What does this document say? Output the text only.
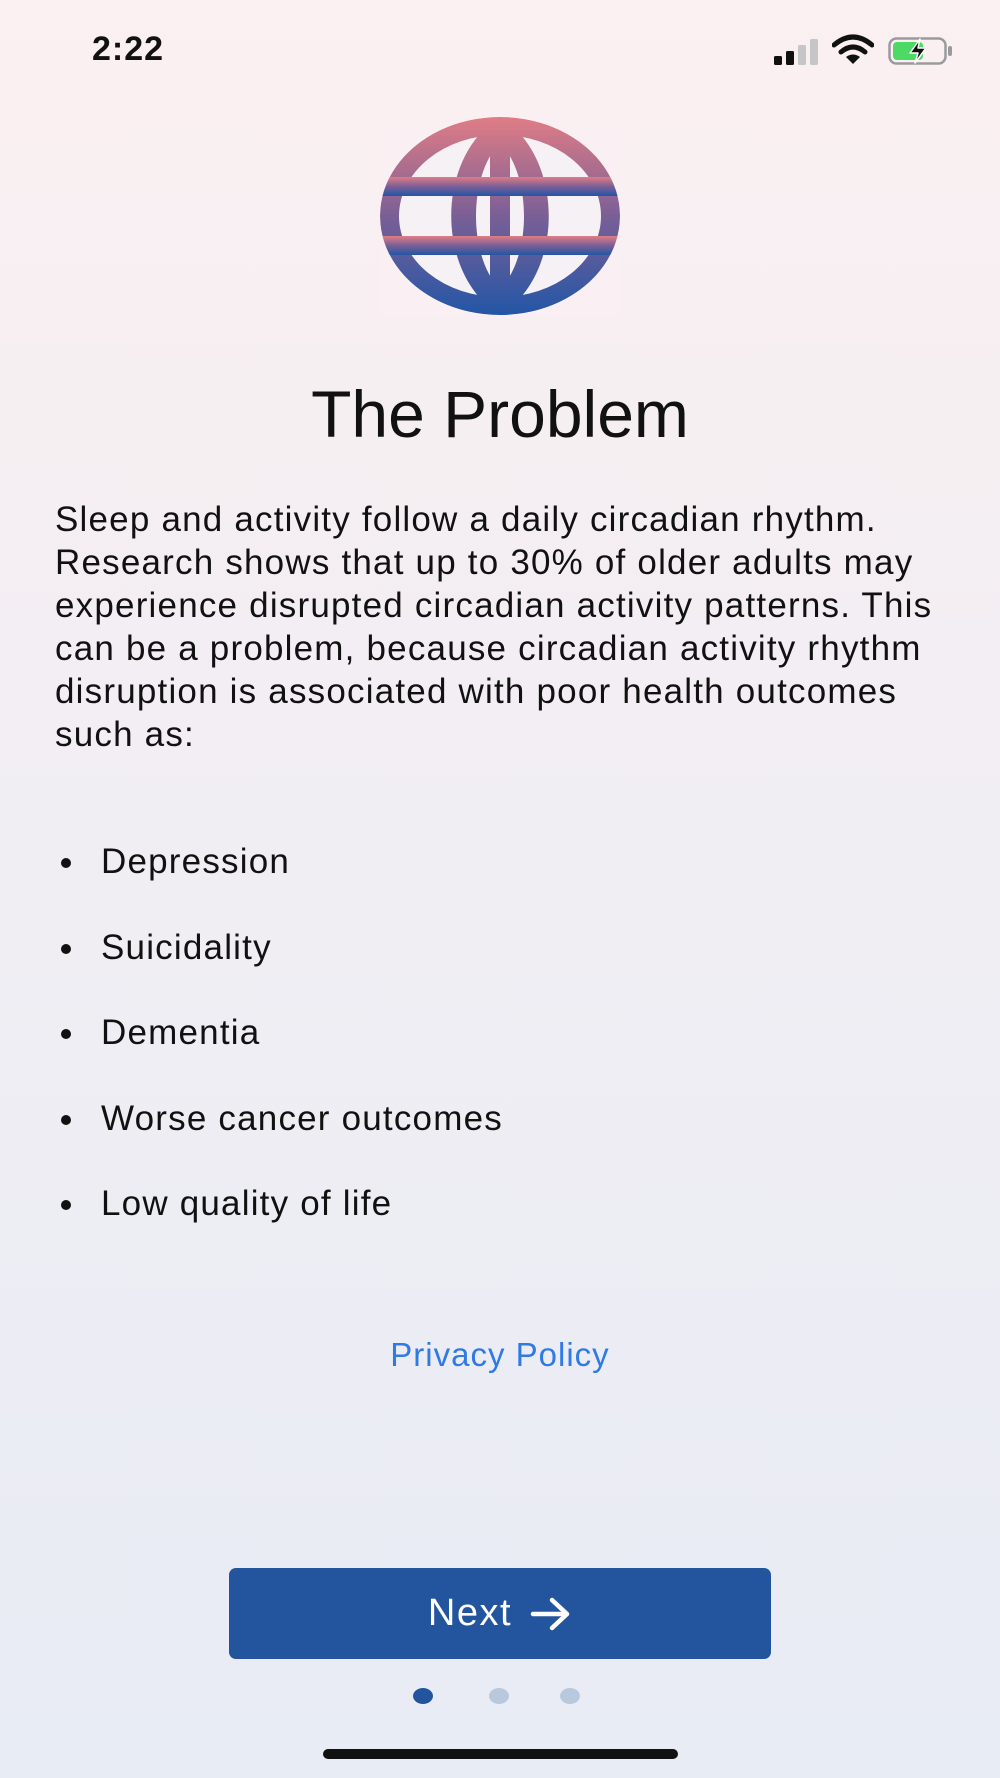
2:22
The Problem
Sleep and activity follow a daily circadian rhythm. Research shows that up to 30% of older adults may experience disrupted circadian activity patterns. This can be a problem, because circadian activity rhythm disruption is associated with poor health outcomes such as:
Depression
Suicidality
Dementia
Worse cancer outcomes
Low quality of life
Privacy Policy
Next
